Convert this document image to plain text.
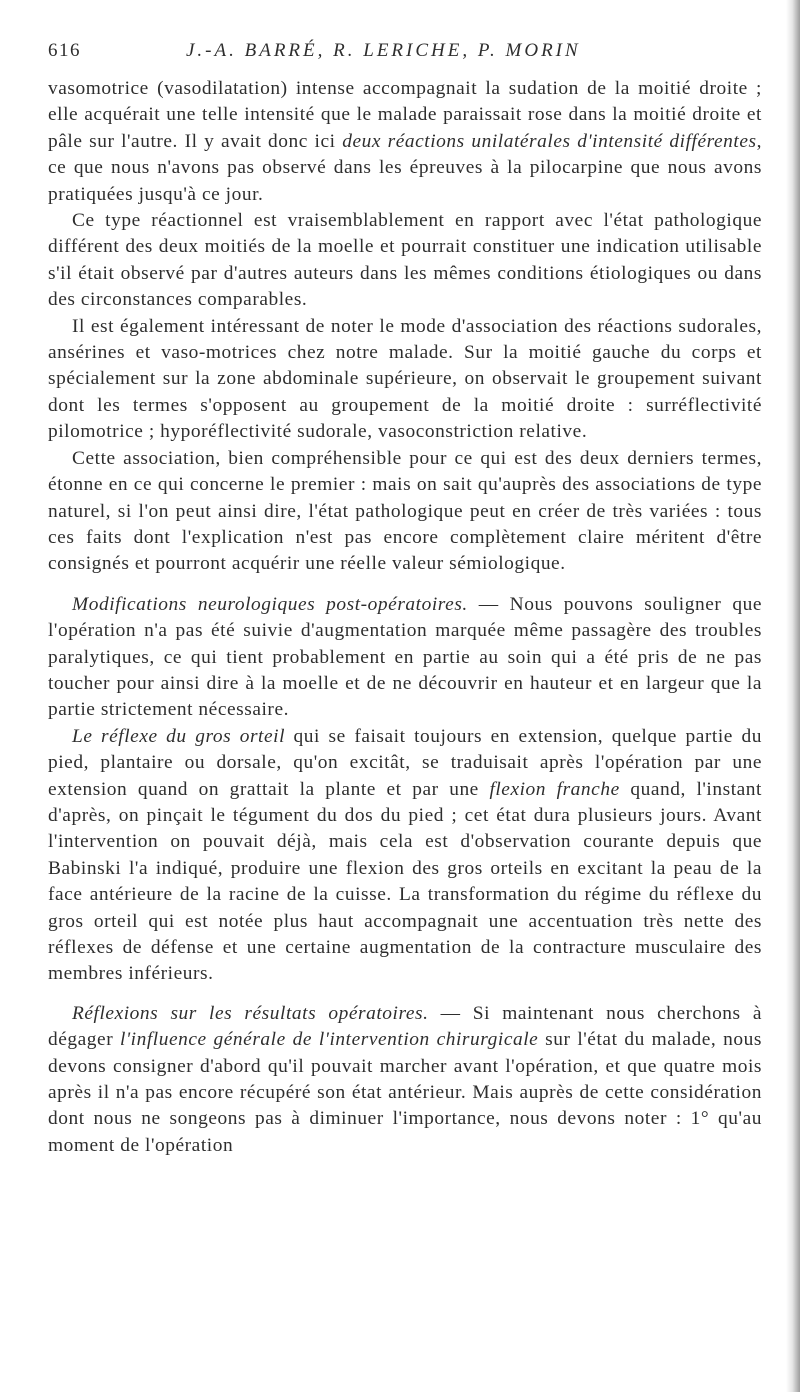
616	J.-A. BARRÉ, R. LERICHE, P. MORIN

vasomotrice (vasodilatation) intense accompagnait la sudation de la moitié droite ; elle acquérait une telle intensité que le malade paraissait rose dans la moitié droite et pâle sur l'autre. Il y avait donc ici deux réactions unilatérales d'intensité différentes, ce que nous n'avons pas observé dans les épreuves à la pilocarpine que nous avons pratiquées jusqu'à ce jour.

Ce type réactionnel est vraisemblablement en rapport avec l'état pathologique différent des deux moitiés de la moelle et pourrait constituer une indication utilisable s'il était observé par d'autres auteurs dans les mêmes conditions étiologiques ou dans des circonstances comparables.

Il est également intéressant de noter le mode d'association des réactions sudorales, ansérines et vaso-motrices chez notre malade. Sur la moitié gauche du corps et spécialement sur la zone abdominale supérieure, on observait le groupement suivant dont les termes s'opposent au groupement de la moitié droite : surréflectivité pilomotrice ; hyporéflectivité sudorale, vasoconstriction relative.

Cette association, bien compréhensible pour ce qui est des deux derniers termes, étonne en ce qui concerne le premier : mais on sait qu'auprès des associations de type naturel, si l'on peut ainsi dire, l'état pathologique peut en créer de très variées : tous ces faits dont l'explication n'est pas encore complètement claire méritent d'être consignés et pourront acquérir une réelle valeur sémiologique.

Modifications neurologiques post-opératoires. — Nous pouvons souligner que l'opération n'a pas été suivie d'augmentation marquée même passagère des troubles paralytiques, ce qui tient probablement en partie au soin qui a été pris de ne pas toucher pour ainsi dire à la moelle et de ne découvrir en hauteur et en largeur que la partie strictement nécessaire.

Le réflexe du gros orteil qui se faisait toujours en extension, quelque partie du pied, plantaire ou dorsale, qu'on excitât, se traduisait après l'opération par une extension quand on grattait la plante et par une flexion franche quand, l'instant d'après, on pinçait le tégument du dos du pied ; cet état dura plusieurs jours. Avant l'intervention on pouvait déjà, mais cela est d'observation courante depuis que Babinski l'a indiqué, produire une flexion des gros orteils en excitant la peau de la face antérieure de la racine de la cuisse. La transformation du régime du réflexe du gros orteil qui est notée plus haut accompagnait une accentuation très nette des réflexes de défense et une certaine augmentation de la contracture musculaire des membres inférieurs.

Réflexions sur les résultats opératoires. — Si maintenant nous cherchons à dégager l'influence générale de l'intervention chirurgicale sur l'état du malade, nous devons consigner d'abord qu'il pouvait marcher avant l'opération, et que quatre mois après il n'a pas encore récupéré son état antérieur. Mais auprès de cette considération dont nous ne songeons pas à diminuer l'importance, nous devons noter : 1° qu'au moment de l'opération
